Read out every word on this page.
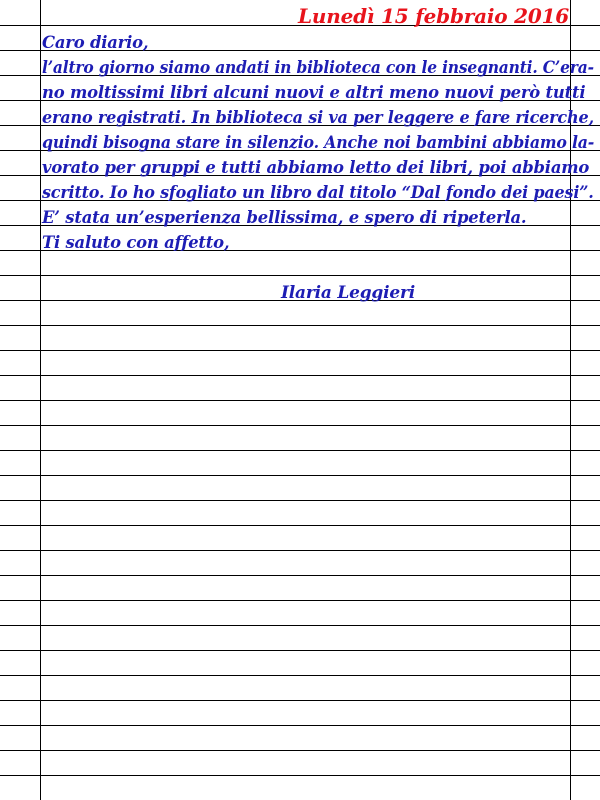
Lunedì 15 febbraio 2016
Caro diario,
l’altro giorno siamo andati in biblioteca con le insegnanti. C’era-
no moltissimi libri alcuni nuovi e altri meno nuovi però tutti
erano registrati. In biblioteca si va per leggere e fare ricerche,
quindi bisogna stare in silenzio. Anche noi bambini abbiamo la-
vorato per gruppi e tutti abbiamo letto dei libri, poi abbiamo
scritto. Io ho sfogliato un libro dal titolo “Dal fondo dei paesi”.
E’ stata un’esperienza bellissima, e spero di ripeterla.
Ti saluto con affetto,
Ilaria Leggieri
